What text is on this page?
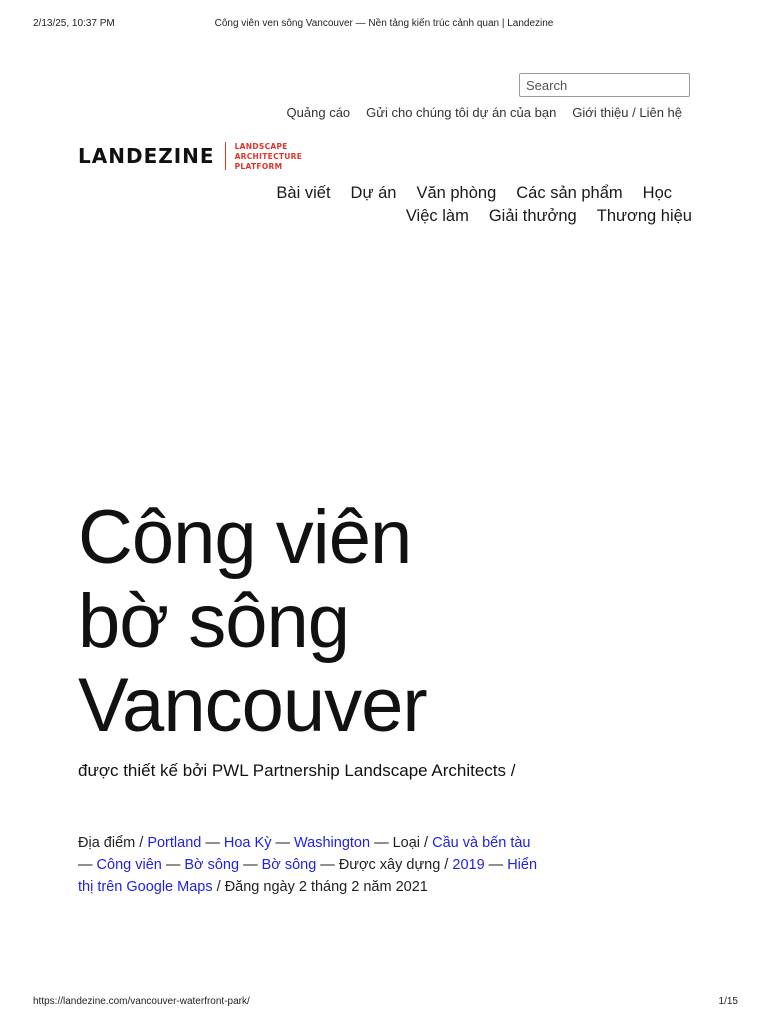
2/13/25, 10:37 PM	Công viên ven sông Vancouver — Nền tảng kiến trúc cảnh quan | Landezine
Search
Quảng cáo Gửi cho chúng tôi dự án của bạn Giới thiệu / Liên hệ
LANDEZINE	LANDSCAPE
ARCHITECTURE
PLATFORM
Bài viết Dự án Văn phòng Các sản phẩm HọcViệc làm Giải thưởng Thương hiệu
Công viên
bờ sông
Vancouver

được thiết kế bởi PWL Partnership Landscape Architects /

Địa điểm / Portland — Hoa Kỳ — Washington — Loại / Cầu và bến tàu — Công viên — Bờ sông — Bờ sông — Được xây dựng / 2019 — Hiển thị trên Google Maps / Đăng ngày 2 tháng 2 năm 2021

https://landezine.com/vancouver-waterfront-park/	1/15
